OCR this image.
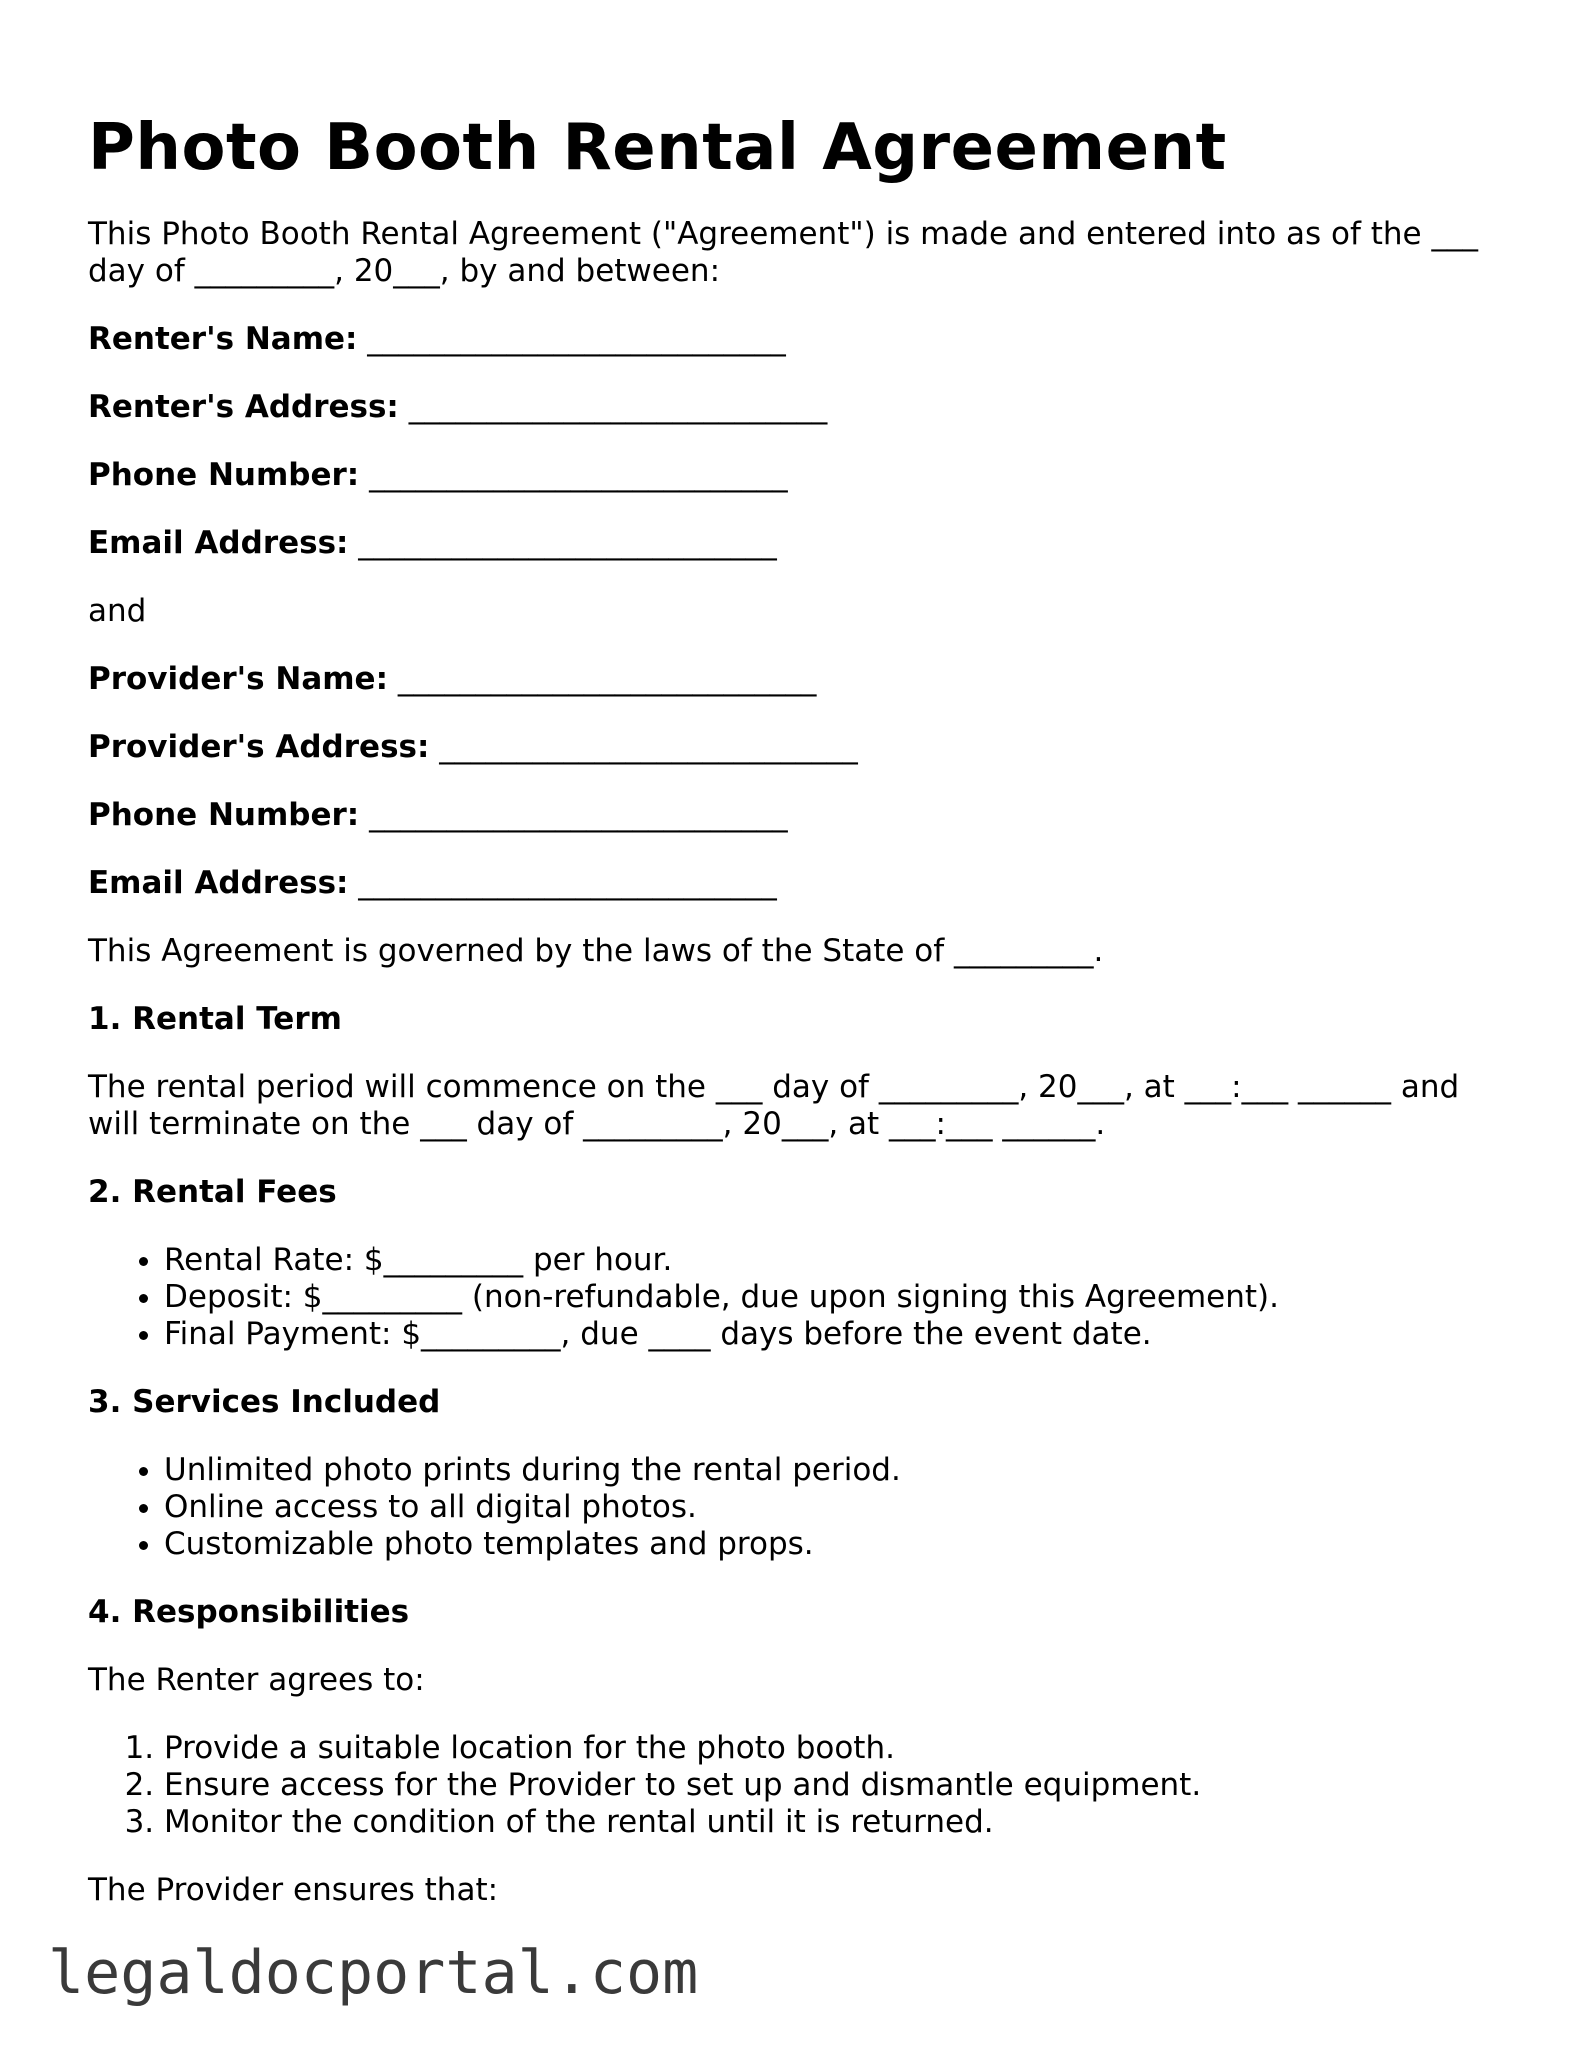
Photo Booth Rental Agreement

This Photo Booth Rental Agreement ("Agreement") is made and entered into as of the ___ day of _________, 20___, by and between:

Renter's Name: ___________________________
Renter's Address: ___________________________
Phone Number: ___________________________
Email Address: ___________________________

and

Provider's Name: ___________________________
Provider's Address: ___________________________
Phone Number: ___________________________
Email Address: ___________________________

This Agreement is governed by the laws of the State of _________.

1. Rental Term

The rental period will commence on the ___ day of _________, 20___, at ___:___ ______ and will terminate on the ___ day of _________, 20___, at ___:___ ______.

2. Rental Fees
• Rental Rate: $_________ per hour.
• Deposit: $_________ (non-refundable, due upon signing this Agreement).
• Final Payment: $_________, due ____ days before the event date.
3. Services Included
• Unlimited photo prints during the rental period.
• Online access to all digital photos.
• Customizable photo templates and props.
4. Responsibilities

The Renter agrees to:

1. Provide a suitable location for the photo booth.
2. Ensure access for the Provider to set up and dismantle equipment.
3. Monitor the condition of the rental until it is returned.

The Provider ensures that:

legaldocportal.com
